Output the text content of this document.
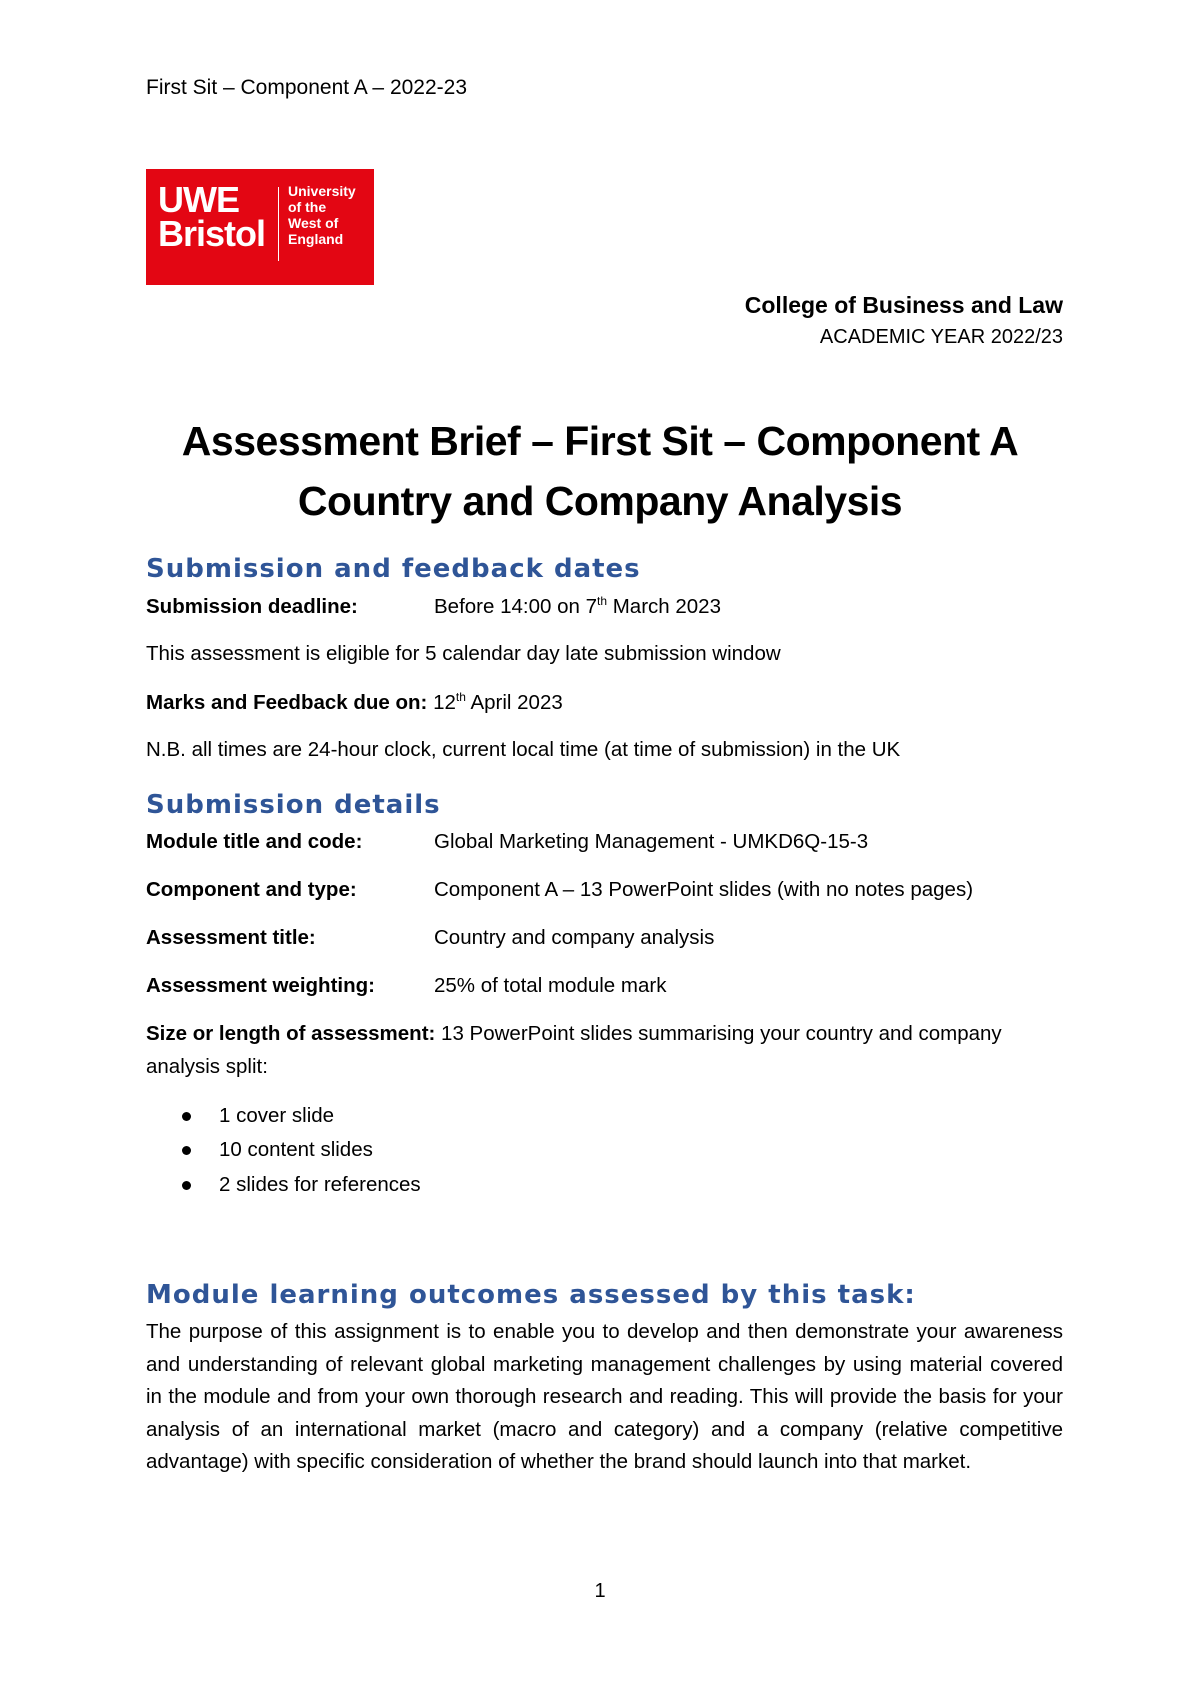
First Sit – Component A – 2022-23
UWE
Bristol
University
of the
West of
England
College of Business and Law
ACADEMIC YEAR 2022/23
Assessment Brief – First Sit – Component A
Country and Company Analysis
Submission and feedback dates
Submission deadline:	Before 14:00 on 7th March 2023
This assessment is eligible for 5 calendar day late submission window
Marks and Feedback due on: 12th April 2023
N.B. all times are 24-hour clock, current local time (at time of submission) in the UK
Submission details
Module title and code:	Global Marketing Management - UMKD6Q-15-3
Component and type:	Component A – 13 PowerPoint slides (with no notes pages)
Assessment title:	Country and company analysis
Assessment weighting:	25% of total module mark
Size or length of assessment: 13 PowerPoint slides summarising your country and company
analysis split:
1 cover slide
10 content slides
2 slides for references
Module learning outcomes assessed by this task:
The purpose of this assignment is to enable you to develop and then demonstrate your awareness and understanding of relevant global marketing management challenges by using material covered in the module and from your own thorough research and reading. This will provide the basis for your analysis of an international market (macro and category) and a company (relative competitive advantage) with specific consideration of whether the brand should launch into that market.
1
